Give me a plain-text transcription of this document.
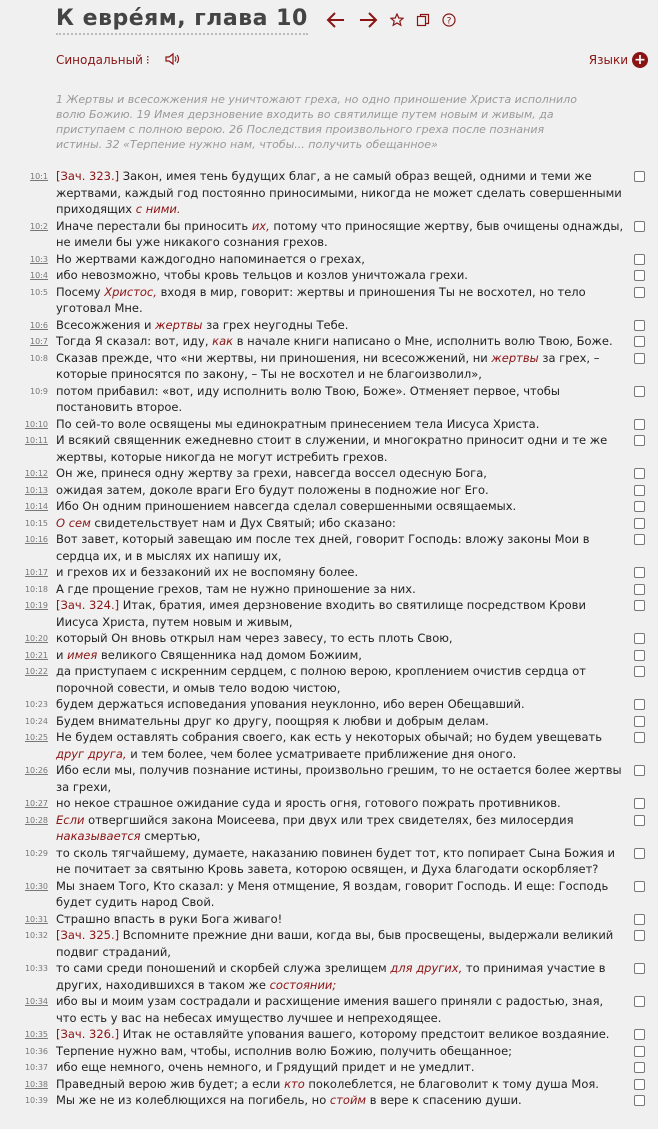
К евре́ям, глава 10	?
Синодальный ⁝	Языки +
1 Жертвы и всесожжения не уничтожают греха, но одно приношение Христа исполнило волю Божию. 19 Имея дерзновение входить во святилище путем новым и живым, да приступаем с полною верою. 26 Последствия произвольного греха после познания истины. 32 «Терпение нужно нам, чтобы... получить обещанное»
10:1 [Зач. 323.] Закон, имея тень будущих благ, а не самый образ вещей, одними и теми же жертвами, каждый год постоянно приносимыми, никогда не может сделать совершенными приходящих с ними.
10:2 Иначе перестали бы приносить их, потому что приносящие жертву, быв очищены однажды, не имели бы уже никакого сознания грехов.
10:3 Но жертвами каждогодно напоминается о грехах,
10:4 ибо невозможно, чтобы кровь тельцов и козлов уничтожала грехи.
10:5 Посему Христос, входя в мир, говорит: жертвы и приношения Ты не восхотел, но тело уготовал Мне.
10:6 Всесожжения и жертвы за грех неугодны Тебе.
10:7 Тогда Я сказал: вот, иду, как в начале книги написано о Мне, исполнить волю Твою, Боже.
10:8 Сказав прежде, что «ни жертвы, ни приношения, ни всесожжений, ни жертвы за грех, – которые приносятся по закону, – Ты не восхотел и не благоизволил»,
10:9 потом прибавил: «вот, иду исполнить волю Твою, Боже». Отменяет первое, чтобы постановить второе.
10:10 По сей-то воле освящены мы единократным принесением тела Иисуса Христа.
10:11 И всякий священник ежедневно стоит в служении, и многократно приносит одни и те же жертвы, которые никогда не могут истребить грехов.
10:12 Он же, принеся одну жертву за грехи, навсегда воссел одесную Бога,
10:13 ожидая затем, доколе враги Его будут положены в подножие ног Его.
10:14 Ибо Он одним приношением навсегда сделал совершенными освящаемых.
10:15 О сем свидетельствует нам и Дух Святый; ибо сказано:
10:16 Вот завет, который завещаю им после тех дней, говорит Господь: вложу законы Мои в сердца их, и в мыслях их напишу их,
10:17 и грехов их и беззаконий их не воспомяну более.
10:18 А где прощение грехов, там не нужно приношение за них.
10:19 [Зач. 324.] Итак, братия, имея дерзновение входить во святилище посредством Крови Иисуса Христа, путем новым и живым,
10:20 который Он вновь открыл нам через завесу, то есть плоть Свою,
10:21 и имея великого Священника над домом Божиим,
10:22 да приступаем с искренним сердцем, с полною верою, кроплением очистив сердца от порочной совести, и омыв тело водою чистою,
10:23 будем держаться исповедания упования неуклонно, ибо верен Обещавший.
10:24 Будем внимательны друг ко другу, поощряя к любви и добрым делам.
10:25 Не будем оставлять собрания своего, как есть у некоторых обычай; но будем увещевать друг друга, и тем более, чем более усматриваете приближение дня оного.
10:26 Ибо если мы, получив познание истины, произвольно грешим, то не остается более жертвы за грехи,
10:27 но некое страшное ожидание суда и ярость огня, готового пожрать противников.
10:28 Если отвергшийся закона Моисеева, при двух или трех свидетелях, без милосердия наказывается смертью,
10:29 то сколь тягчайшему, думаете, наказанию повинен будет тот, кто попирает Сына Божия и не почитает за святыню Кровь завета, которою освящен, и Духа благодати оскорбляет?
10:30 Мы знаем Того, Кто сказал: у Меня отмщение, Я воздам, говорит Господь. И еще: Господь будет судить народ Свой.
10:31 Страшно впасть в руки Бога живаго!
10:32 [Зач. 325.] Вспомните прежние дни ваши, когда вы, быв просвещены, выдержали великий подвиг страданий,
10:33 то сами среди поношений и скорбей служа зрелищем для других, то принимая участие в других, находившихся в таком же состоянии;
10:34 ибо вы и моим узам сострадали и расхищение имения вашего приняли с радостью, зная, что есть у вас на небесах имущество лучшее и непреходящее.
10:35 [Зач. 326.] Итак не оставляйте упования вашего, которому предстоит великое воздаяние.
10:36 Терпение нужно вам, чтобы, исполнив волю Божию, получить обещанное;
10:37 ибо еще немного, очень немного, и Грядущий придет и не умедлит.
10:38 Праведный верою жив будет; а если кто поколеблется, не благоволит к тому душа Моя.
10:39 Мы же не из колеблющихся на погибель, но стойм в вере к спасению души.
